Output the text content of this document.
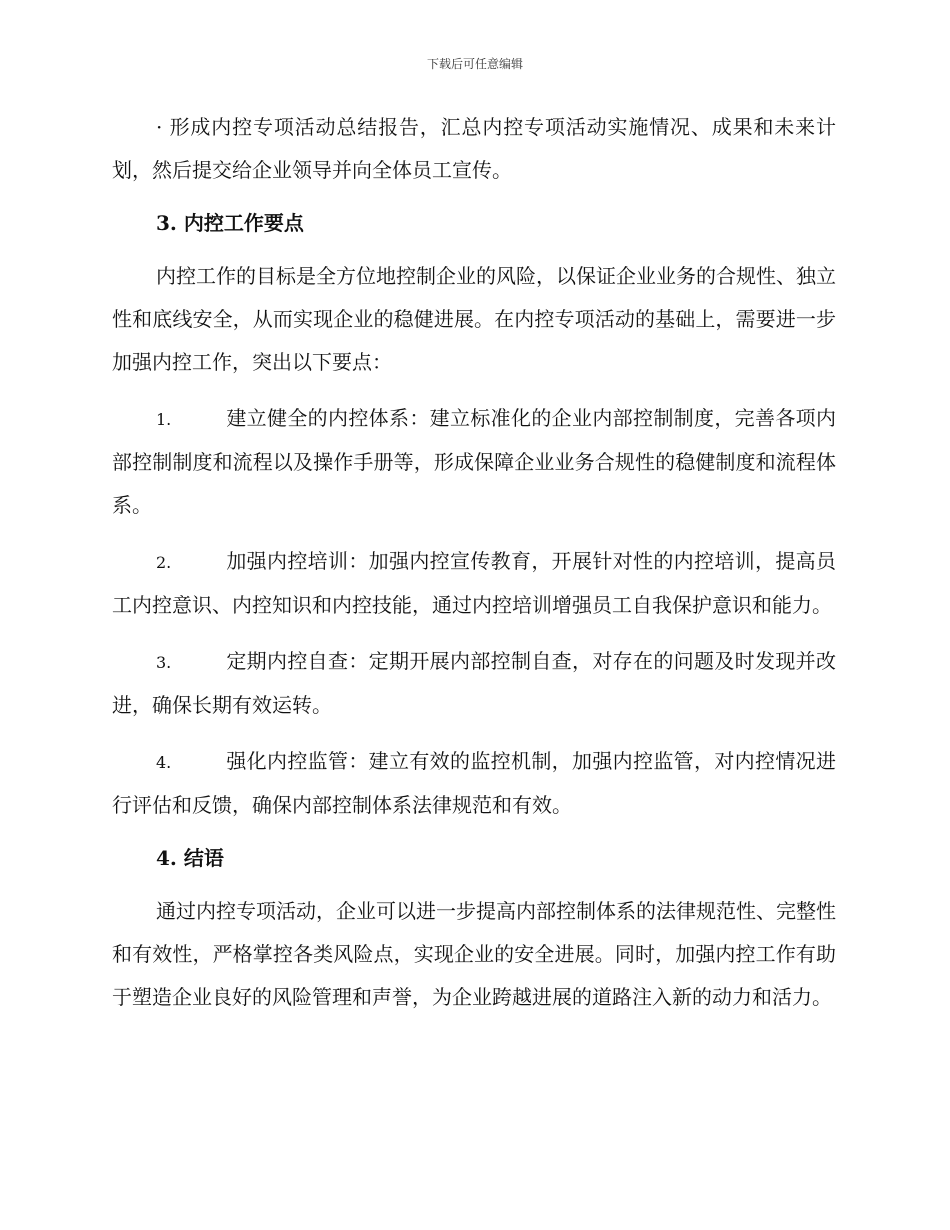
下载后可任意编辑

· 形成内控专项活动总结报告，汇总内控专项活动实施情况、成果和未来计划，然后提交给企业领导并向全体员工宣传。

3. 内控工作要点

内控工作的目标是全方位地控制企业的风险，以保证企业业务的合规性、独立性和底线安全，从而实现企业的稳健进展。在内控专项活动的基础上，需要进一步加强内控工作，突出以下要点：

1.	建立健全的内控体系：建立标准化的企业内部控制制度，完善各项内部控制制度和流程以及操作手册等，形成保障企业业务合规性的稳健制度和流程体系。

2.	加强内控培训：加强内控宣传教育，开展针对性的内控培训，提高员工内控意识、内控知识和内控技能，通过内控培训增强员工自我保护意识和能力。

3.	定期内控自查：定期开展内部控制自查，对存在的问题及时发现并改进，确保长期有效运转。

4.	强化内控监管：建立有效的监控机制，加强内控监管，对内控情况进行评估和反馈，确保内部控制体系法律规范和有效。

4. 结语

通过内控专项活动，企业可以进一步提高内部控制体系的法律规范性、完整性和有效性，严格掌控各类风险点，实现企业的安全进展。同时，加强内控工作有助于塑造企业良好的风险管理和声誉，为企业跨越进展的道路注入新的动力和活力。
